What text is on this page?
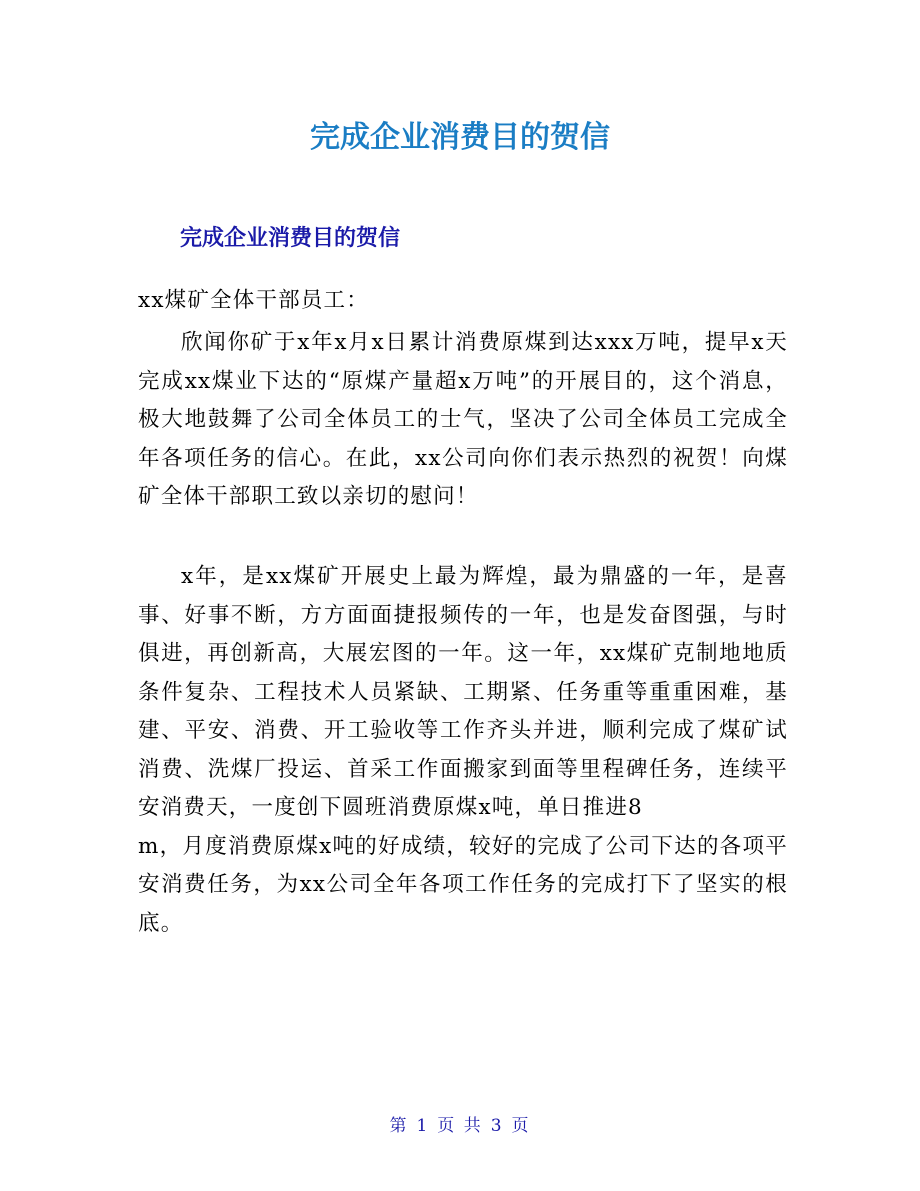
完成企业消费目的贺信
完成企业消费目的贺信

xx煤矿全体干部员工：

欣闻你矿于x年x月x日累计消费原煤到达xxx万吨，提早x天完成xx煤业下达的“原煤产量超x万吨”的开展目的，这个消息，极大地鼓舞了公司全体员工的士气，坚决了公司全体员工完成全年各项任务的信心。在此，xx公司向你们表示热烈的祝贺！向煤矿全体干部职工致以亲切的慰问！

x年，是xx煤矿开展史上最为辉煌，最为鼎盛的一年，是喜事、好事不断，方方面面捷报频传的一年，也是发奋图强，与时俱进，再创新高，大展宏图的一年。这一年，xx煤矿克制地地质条件复杂、工程技术人员紧缺、工期紧、任务重等重重困难，基建、平安、消费、开工验收等工作齐头并进，顺利完成了煤矿试消费、洗煤厂投运、首采工作面搬家到面等里程碑任务，连续平安消费天，一度创下圆班消费原煤x吨，单日推进8
m，月度消费原煤x吨的好成绩，较好的完成了公司下达的各项平安消费任务，为xx公司全年各项工作任务的完成打下了坚实的根底。
第 1 页 共 3 页
